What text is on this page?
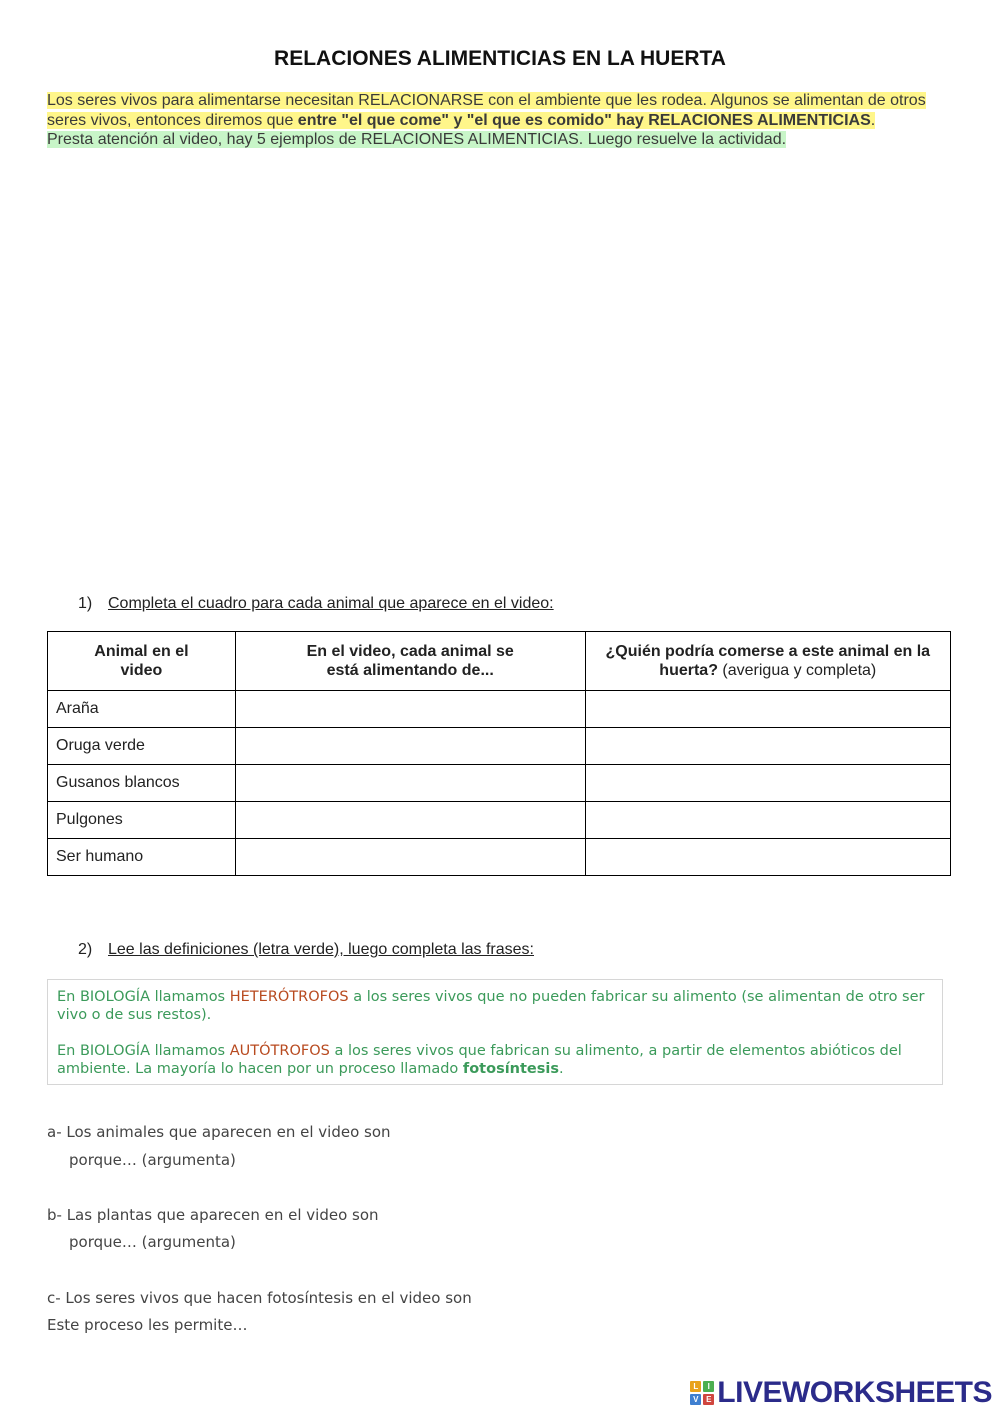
RELACIONES ALIMENTICIAS EN LA HUERTA
Los seres vivos para alimentarse necesitan RELACIONARSE con el ambiente que les rodea. Algunos se alimentan de otros seres vivos, entonces diremos que entre "el que come" y "el que es comido" hay RELACIONES ALIMENTICIAS.
Presta atención al video, hay 5 ejemplos de RELACIONES ALIMENTICIAS. Luego resuelve la actividad.
1) Completa el cuadro para cada animal que aparece en el video:
Animal en el video	En el video, cada animal se está alimentando de...	¿Quién podría comerse a este animal en la huerta? (averigua y completa)
Araña		
Oruga verde		
Gusanos blancos		
Pulgones		
Ser humano		
2) Lee las definiciones (letra verde), luego completa las frases:

En BIOLOGÍA llamamos HETERÓTROFOS a los seres vivos que no pueden fabricar su alimento (se alimentan de otro ser vivo o de sus restos).

En BIOLOGÍA llamamos AUTÓTROFOS a los seres vivos que fabrican su alimento, a partir de elementos abióticos del ambiente. La mayoría lo hacen por un proceso llamado fotosíntesis.

a- Los animales que aparecen en el video son
porque… (argumenta)
b- Las plantas que aparecen en el video son
porque… (argumenta)
c- Los seres vivos que hacen fotosíntesis en el video son
Este proceso les permite…
L	I
V E LIVEWORKSHEETS
